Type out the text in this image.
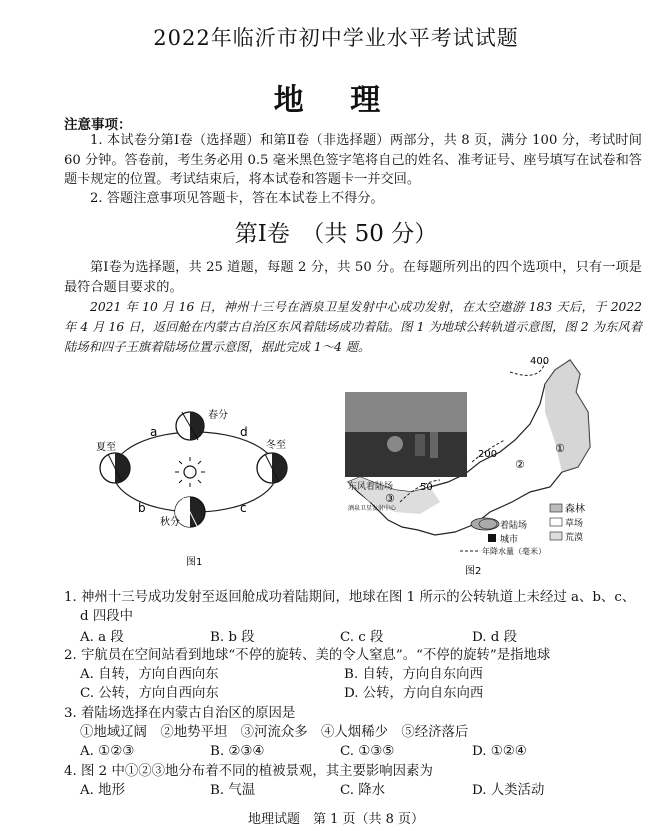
2022年临沂市初中学业水平考试试题
地 理
注意事项：
1. 本试卷分第Ⅰ卷（选择题）和第Ⅱ卷（非选择题）两部分，共 8 页，满分 100 分，考试时间 60 分钟。答卷前，考生务必用 0.5 毫米黑色签字笔将自己的姓名、准考证号、座号填写在试卷和答题卡规定的位置。考试结束后，将本试卷和答题卡一并交回。
2. 答题注意事项见答题卡，答在本试卷上不得分。
第Ⅰ卷　（共 50 分）
第Ⅰ卷为选择题，共 25 道题，每题 2 分，共 50 分。在每题所列出的四个选项中，只有一项是最符合题目要求的。
2021 年 10 月 16 日，神州十三号在酒泉卫星发射中心成功发射，在太空遨游 183 天后，于 2022 年 4 月 16 日，返回舱在内蒙古自治区东风着陆场成功着陆。图 1 为地球公转轨道示意图，图 2 为东风着陆场和四子王旗着陆场位置示意图，据此完成 1～4 题。
春分
夏至	冬至
秋分
a	d
b	c
图1
东风着陆场
400
200
50
①
②
③
酒泉卫星发射中心	森林
草场
荒漠
着陆场
城市
年降水量（毫米）
图2
1. 神州十三号成功发射至返回舱成功着陆期间，地球在图 1 所示的公转轨道上未经过 a、b、c、d 四段中
A. a 段	B. b 段	C. c 段	D. d 段
2. 宇航员在空间站看到地球“不停的旋转、美的令人窒息”。“不停的旋转”是指地球
A. 自转，方向自西向东	B. 自转，方向自东向西
C. 公转，方向自西向东	D. 公转，方向自东向西
3. 着陆场选择在内蒙古自治区的原因是
①地域辽阔　②地势平坦　③河流众多　④人烟稀少　⑤经济落后
A. ①②③	B. ②③④	C. ①③⑤	D. ①②④
4. 图 2 中①②③地分布着不同的植被景观，其主要影响因素为
A. 地形	B. 气温	C. 降水	D. 人类活动
地理试题　第 1 页（共 8 页）
